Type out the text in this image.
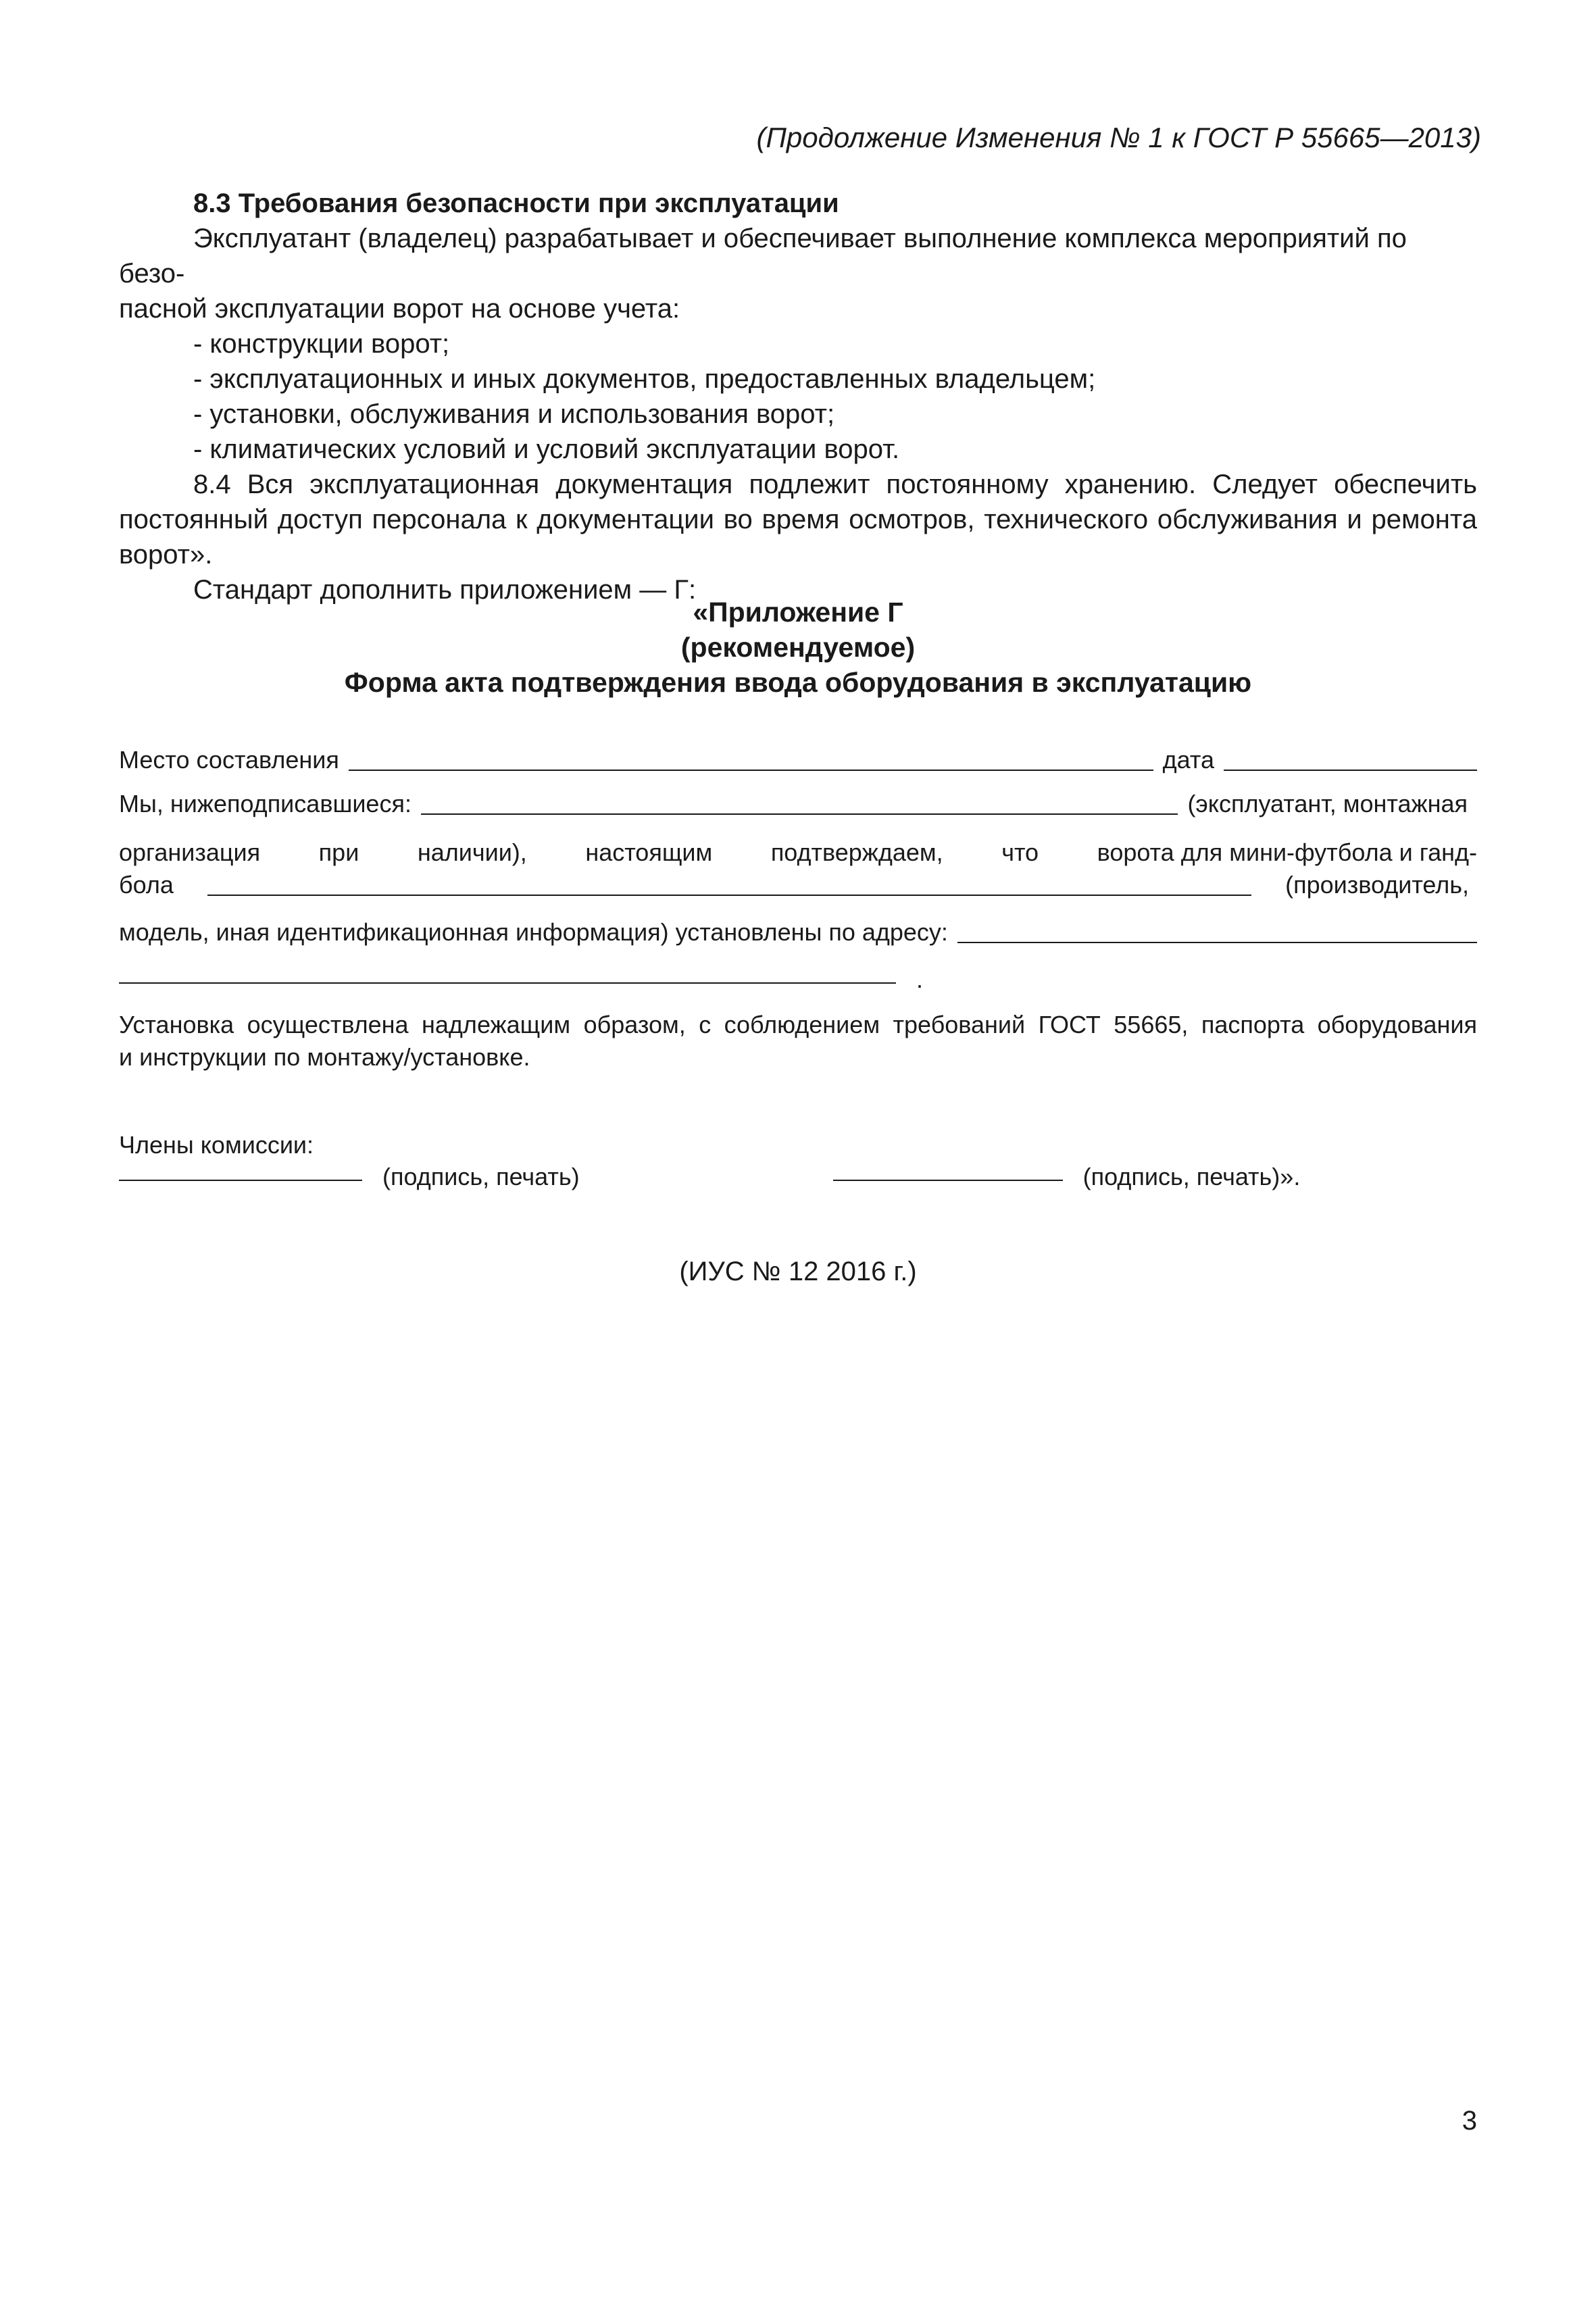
(Продолжение Изменения № 1 к ГОСТ Р 55665—2013)

8.3 Требования безопасности при эксплуатации

Эксплуатант (владелец) разрабатывает и обеспечивает выполнение комплекса мероприятий по безо-

пасной эксплуатации ворот на основе учета:

- конструкции ворот;

- эксплуатационных и иных документов, предоставленных владельцем;

- установки, обслуживания и использования ворот;

- климатических условий и условий эксплуатации ворот.

8.4 Вся эксплуатационная документация подлежит постоянному хранению. Следует обеспечить

постоянный доступ персонала к документации во время осмотров, технического обслуживания и ремонта

ворот».

Стандарт дополнить приложением — Г:

«Приложение Г
(рекомендуемое)
Форма акта подтверждения ввода оборудования в эксплуатацию
Место составления	дата
Мы, нижеподписавшиеся:	(эксплуатант, монтажная
организация при наличии), настоящим подтверждаем, что ворота для мини-футбола и ганд-
бола	(производитель,
модель, иная идентификационная информация) установлены по адресу:
.
Установка осуществлена надлежащим образом, с соблюдением требований ГОСТ 55665, паспорта оборудования
и инструкции по монтажу/установке.
Члены комиссии:
(подпись, печать)	(подпись, печать)».
(ИУС № 12 2016 г.)
3
